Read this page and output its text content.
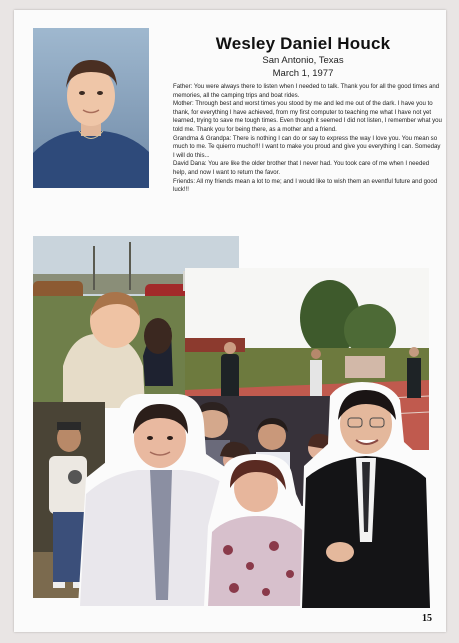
Wesley Daniel Houck
San Antonio, Texas
March 1, 1977

Father: You were always there to listen when I needed to talk. Thank you for all the good times and memories, all the camping trips and boat rides.

Mother: Through best and worst times you stood by me and led me out of the dark. I have you to thank, for everything I have achieved, from my first computer to teaching me what I have not yet learned, trying to save me tough times. Even though it seemed I did not listen, I remember what you told me. Thank you for being there, as a mother and a friend.

Grandma & Grandpa: There is nothing I can do or say to express the way I love you. You mean so much to me. Te quierro mucho!!! I want to make you proud and give you everything I can. Someday I will do this...

David Dana: You are like the older brother that I never had. You took care of me when I needed help, and now I want to return the favor.

Friends: All my friends mean a lot to me; and I would like to wish them an eventful future and good luck!!!

15
